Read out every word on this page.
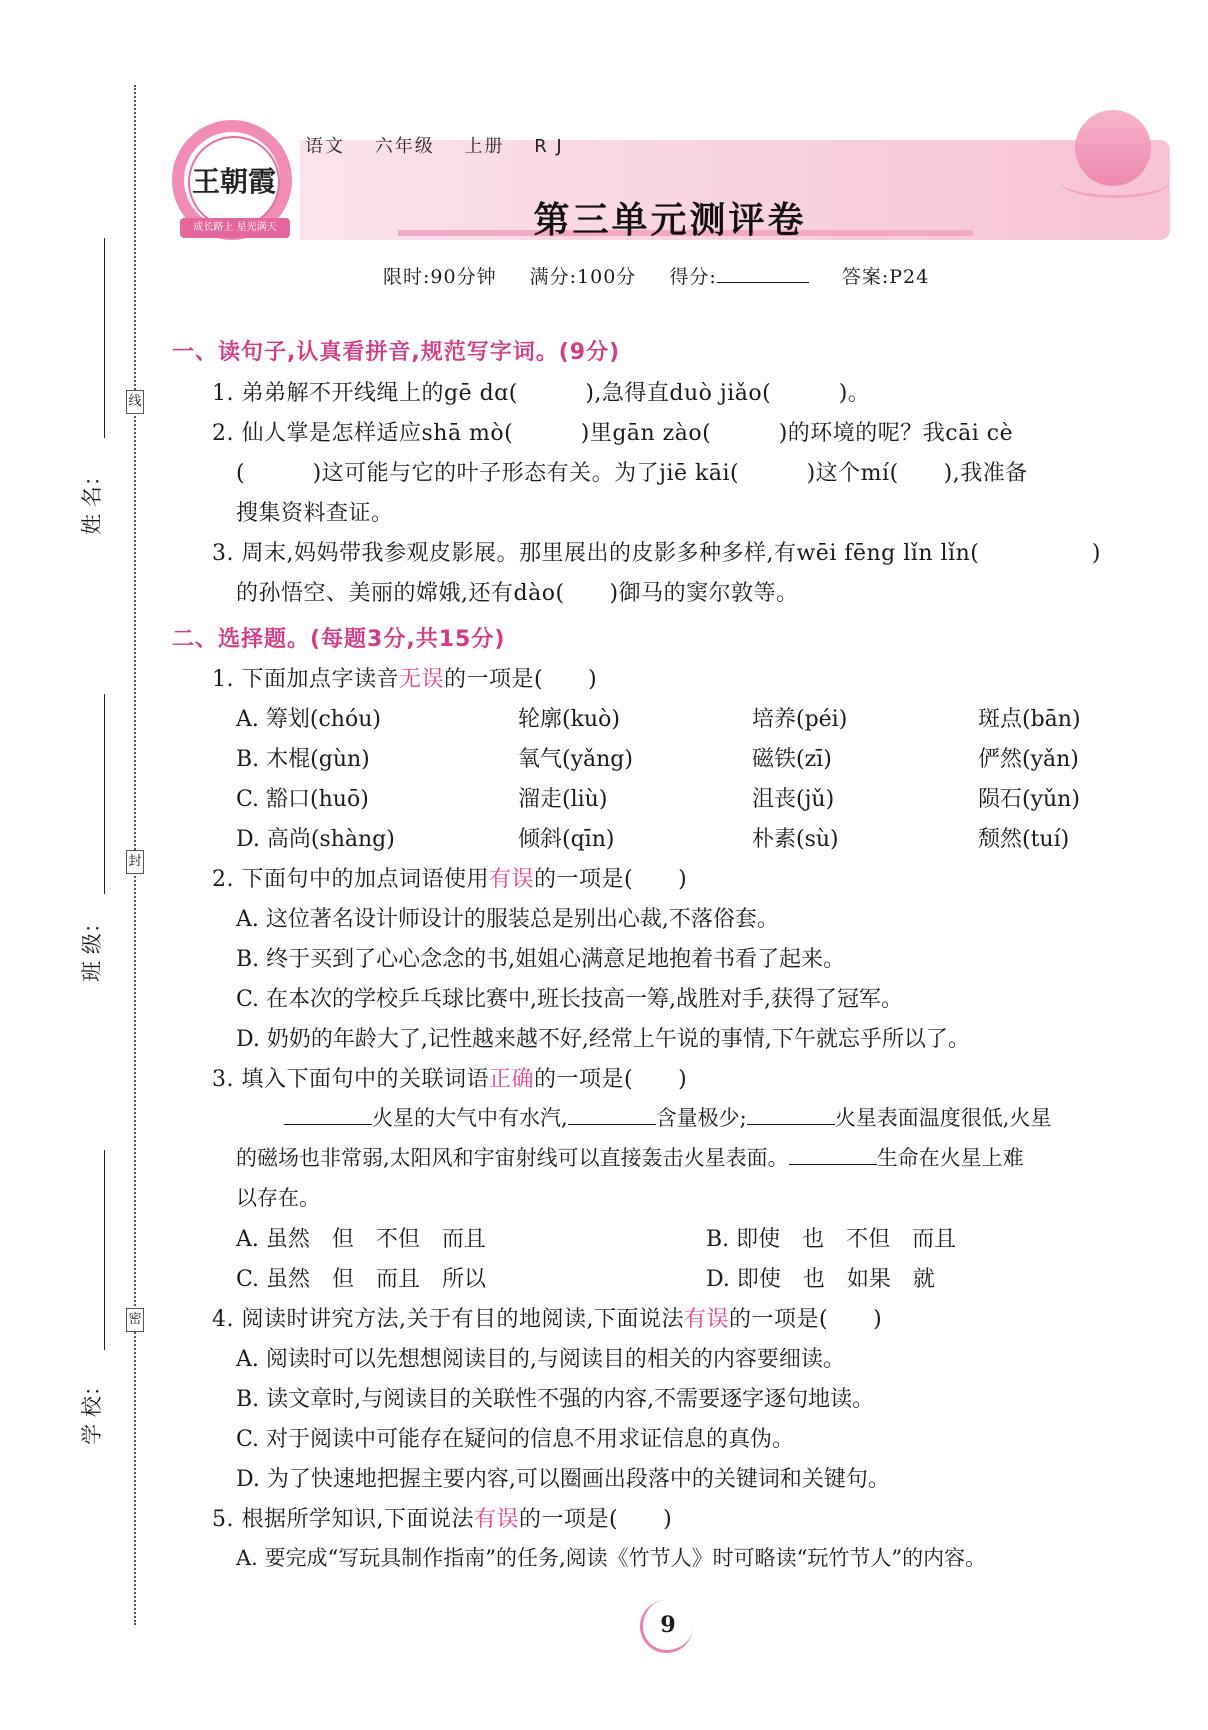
线
封
密
姓 名：
班 级：
学 校：
王朝霞
成长路上 星光满天
语文 六年级 上册 R J
第三单元测评卷
限时:90分钟 满分:100分 得分:	答案:P24
一、读句子,认真看拼音,规范写字词。(9分)
1. 弟弟解不开线绳上的gē dɑ(　　　),急得直duò jiǎo(　　　)。
2. 仙人掌是怎样适应shā mò(　　　)里gān zào(　　　)的环境的呢？我cāi cè
(　　　)这可能与它的叶子形态有关。为了jiē kāi(　　　)这个mí(　　),我准备
搜集资料查证。
3. 周末,妈妈带我参观皮影展。那里展出的皮影多种多样,有wēi fēng lǐn lǐn(　　　　　)
的孙悟空、美丽的嫦娥,还有dào(　　)御马的窦尔敦等。
二、选择题。(每题3分,共15分)
1. 下面加点字读音无误的一项是(　　)
A. 筹划(chóu)	轮廓(kuò)	培养(péi)	斑点(bān)
B. 木棍(gùn)	氧气(yǎng)	磁铁(zī)	俨然(yǎn)
C. 豁口(huō)	溜走(liù)	沮丧(jǔ)	陨石(yǔn)
D. 高尚(shàng)	倾斜(qīn)	朴素(sù)	颓然(tuí)
2. 下面句中的加点词语使用有误的一项是(　　)
A. 这位著名设计师设计的服装总是别出心裁,不落俗套。
B. 终于买到了心心念念的书,姐姐心满意足地抱着书看了起来。
C. 在本次的学校乒乓球比赛中,班长技高一筹,战胜对手,获得了冠军。
D. 奶奶的年龄大了,记性越来越不好,经常上午说的事情,下午就忘乎所以了。
3. 填入下面句中的关联词语正确的一项是(　　)
火星的大气中有水汽,	含量极少;	火星表面温度很低,火星
的磁场也非常弱,太阳风和宇宙射线可以直接轰击火星表面。	生命在火星上难
以存在。
A. 虽然　但　不但　而且	B. 即使　也　不但　而且
C. 虽然　但　而且　所以	D. 即使　也　如果　就
4. 阅读时讲究方法,关于有目的地阅读,下面说法有误的一项是(　　)
A. 阅读时可以先想想阅读目的,与阅读目的相关的内容要细读。
B. 读文章时,与阅读目的关联性不强的内容,不需要逐字逐句地读。
C. 对于阅读中可能存在疑问的信息不用求证信息的真伪。
D. 为了快速地把握主要内容,可以圈画出段落中的关键词和关键句。
5. 根据所学知识,下面说法有误的一项是(　　)
A. 要完成“写玩具制作指南”的任务,阅读《竹节人》时可略读“玩竹节人”的内容。
9
